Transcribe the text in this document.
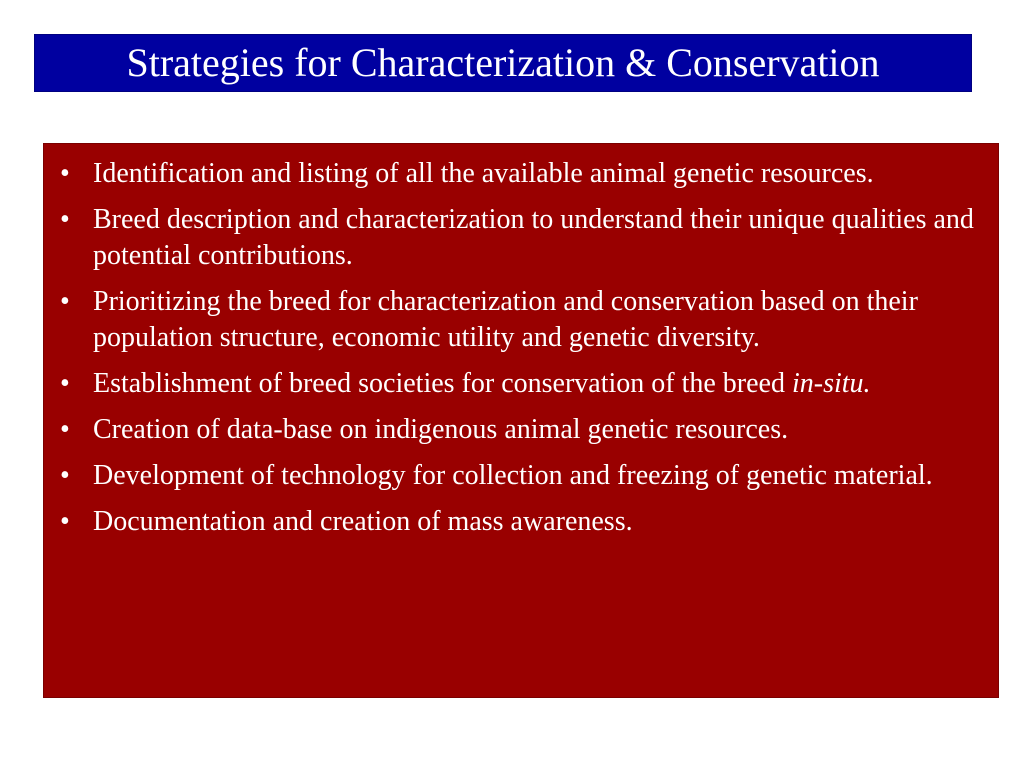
Strategies for Characterization & Conservation
• Identification and listing of all the available animal genetic resources.
• Breed description and characterization to understand their unique qualities and potential contributions.
• Prioritizing the breed for characterization and conservation based on their population structure, economic utility and genetic diversity.
• Establishment of breed societies for conservation of the breed in-situ.
• Creation of data-base on indigenous animal genetic resources.
• Development of technology for collection and freezing of genetic material.
• Documentation and creation of mass awareness.
